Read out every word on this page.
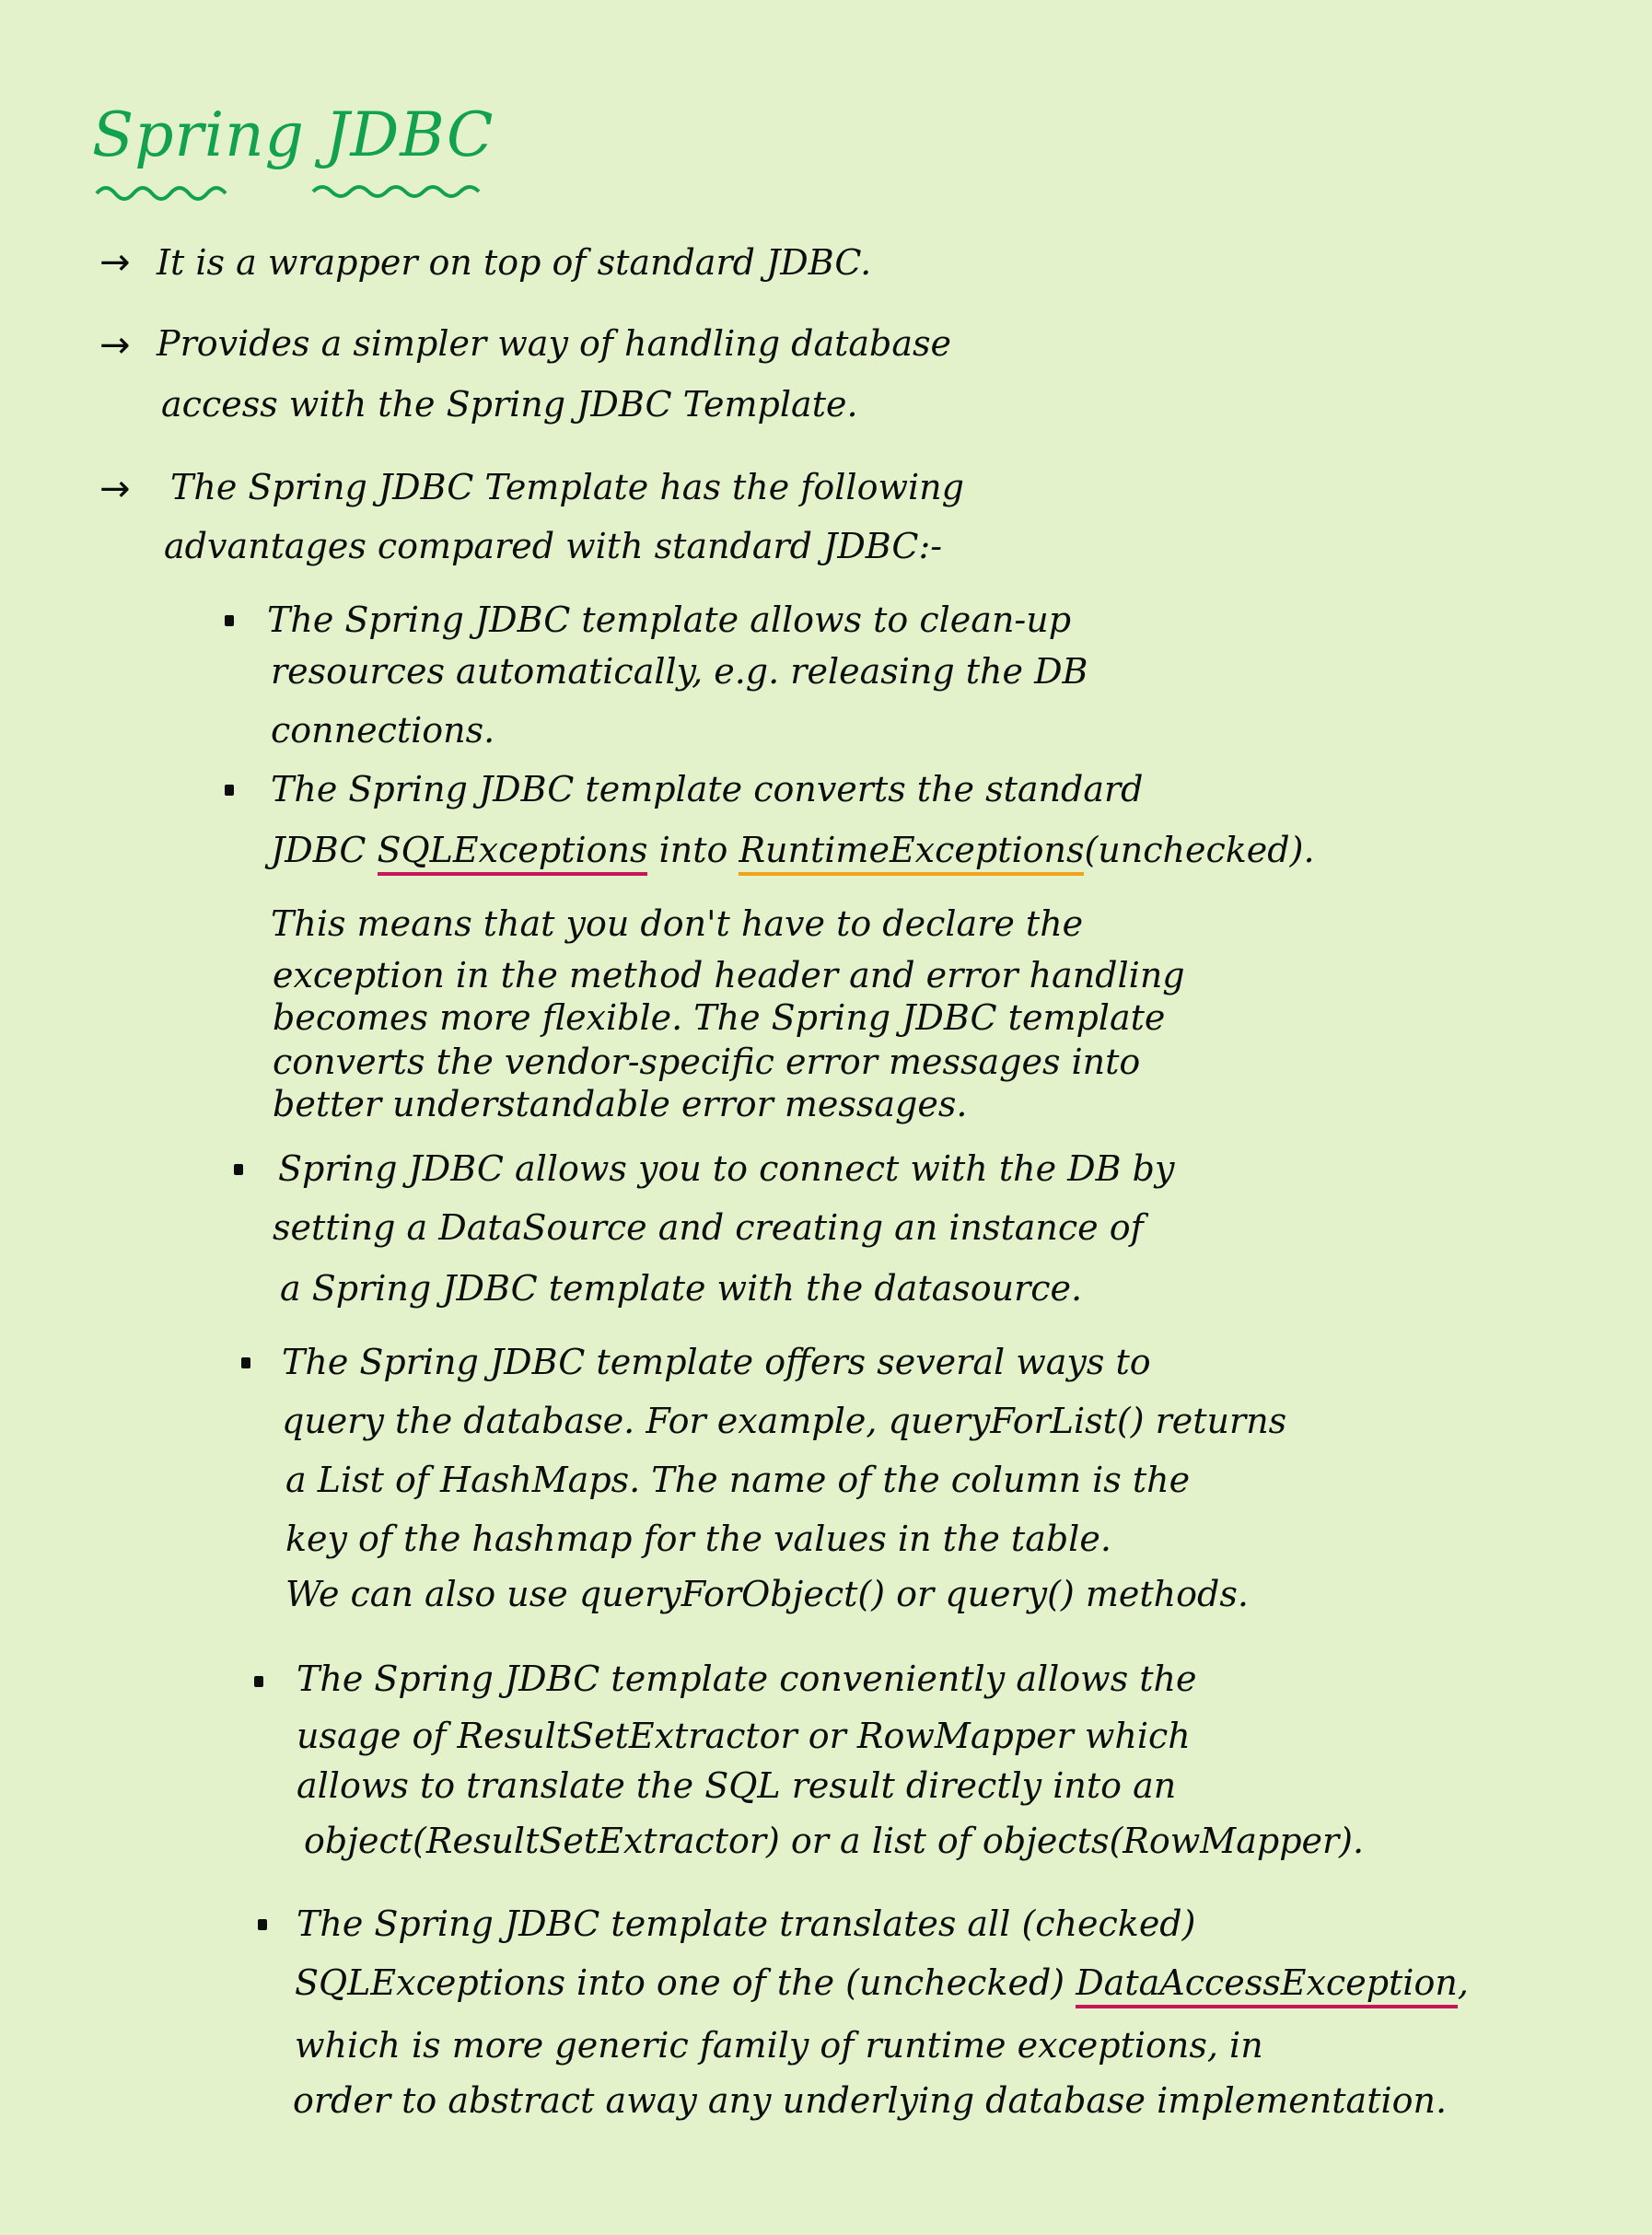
Spring JDBC
→ It is a wrapper on top of standard JDBC.
→ Provides a simpler way of handling database
access with the Spring JDBC Template.
→ The Spring JDBC Template has the following
advantages compared with standard JDBC:-
The Spring JDBC template allows to clean-up
resources automatically, e.g. releasing the DB
connections.
The Spring JDBC template converts the standard
JDBC SQLExceptions into RuntimeExceptions(unchecked).
This means that you don't have to declare the
exception in the method header and error handling
becomes more flexible. The Spring JDBC template
converts the vendor-specific error messages into
better understandable error messages.
Spring JDBC allows you to connect with the DB by
setting a DataSource and creating an instance of
a Spring JDBC template with the datasource.
The Spring JDBC template offers several ways to
query the database. For example, queryForList() returns
a List of HashMaps. The name of the column is the
key of the hashmap for the values in the table.
We can also use queryForObject() or query() methods.
The Spring JDBC template conveniently allows the
usage of ResultSetExtractor or RowMapper which
allows to translate the SQL result directly into an
object(ResultSetExtractor) or a list of objects(RowMapper).
The Spring JDBC template translates all (checked)
SQLExceptions into one of the (unchecked) DataAccessException,
which is more generic family of runtime exceptions, in
order to abstract away any underlying database implementation.
